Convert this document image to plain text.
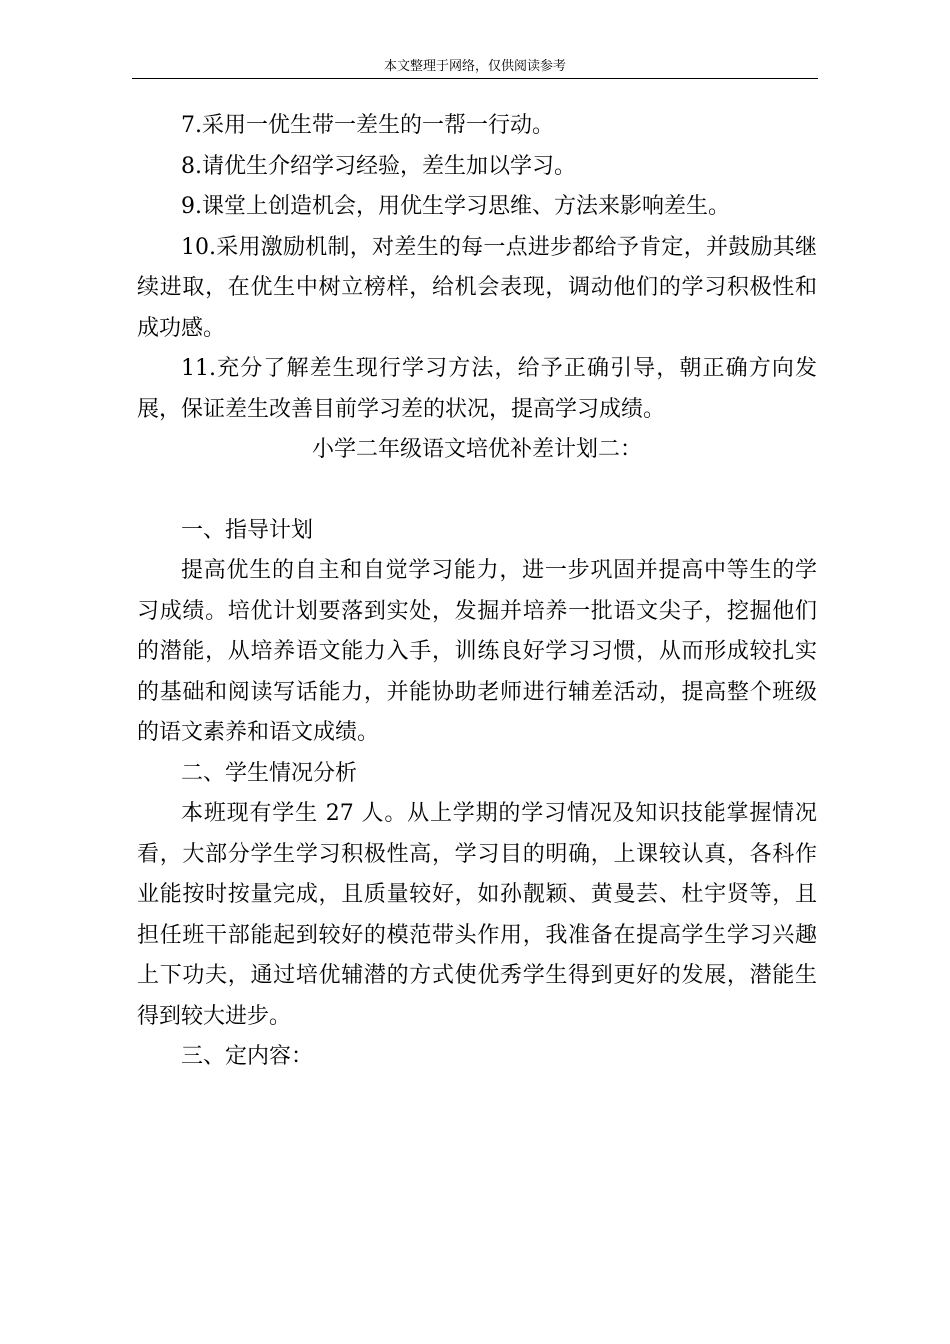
本文整理于网络，仅供阅读参考

7.采用一优生带一差生的一帮一行动。

8.请优生介绍学习经验，差生加以学习。

9.课堂上创造机会，用优生学习思维、方法来影响差生。

10.采用激励机制，对差生的每一点进步都给予肯定，并鼓励其继续进取，在优生中树立榜样，给机会表现，调动他们的学习积极性和成功感。

11.充分了解差生现行学习方法，给予正确引导，朝正确方向发展，保证差生改善目前学习差的状况，提高学习成绩。

小学二年级语文培优补差计划二：

一、指导计划

提高优生的自主和自觉学习能力，进一步巩固并提高中等生的学习成绩。培优计划要落到实处，发掘并培养一批语文尖子，挖掘他们的潜能，从培养语文能力入手，训练良好学习习惯，从而形成较扎实的基础和阅读写话能力，并能协助老师进行辅差活动，提高整个班级的语文素养和语文成绩。

二、学生情况分析

本班现有学生 27 人。从上学期的学习情况及知识技能掌握情况看，大部分学生学习积极性高，学习目的明确，上课较认真，各科作业能按时按量完成，且质量较好，如孙靓颖、黄曼芸、杜宇贤等，且担任班干部能起到较好的模范带头作用，我准备在提高学生学习兴趣上下功夫，通过培优辅潜的方式使优秀学生得到更好的发展，潜能生得到较大进步。

三、定内容：
